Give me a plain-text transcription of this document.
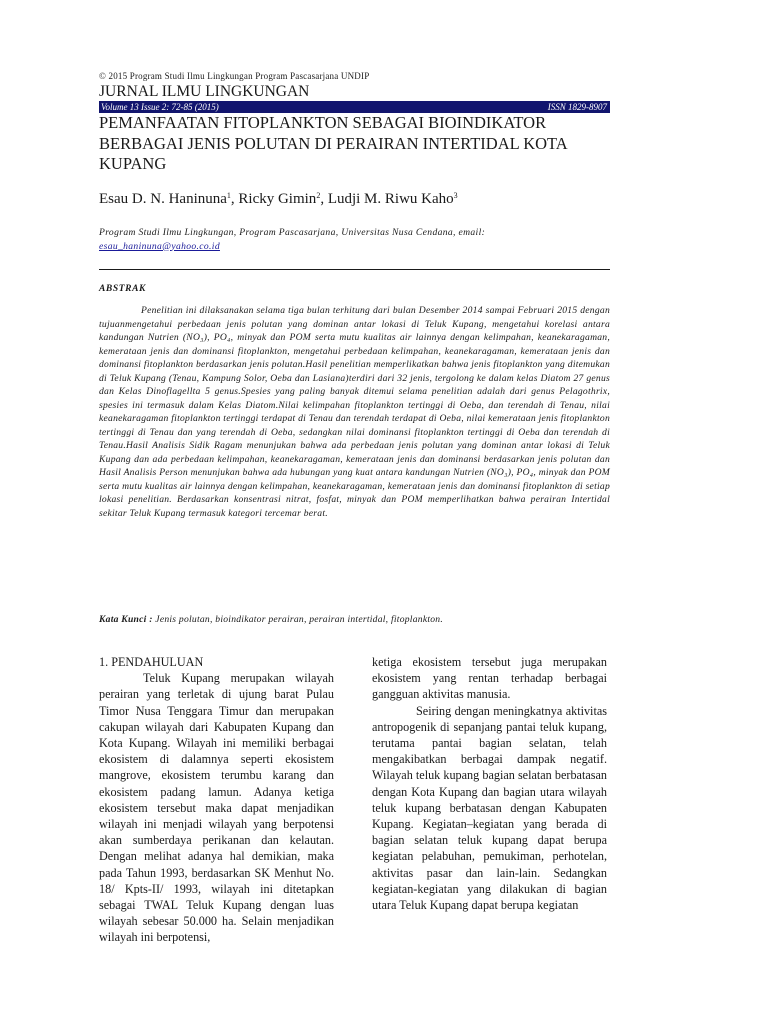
© 2015 Program Studi Ilmu Lingkungan Program Pascasarjana UNDIP
JURNAL ILMU LINGKUNGAN
Volume 13 Issue 2: 72-85 (2015)	ISSN 1829-8907
PEMANFAATAN FITOPLANKTON SEBAGAI BIOINDIKATOR BERBAGAI JENIS POLUTAN DI PERAIRAN INTERTIDAL KOTA KUPANG
Esau D. N. Haninuna$^1$, Ricky Gimin$^2$, Ludji M. Riwu Kaho$^3$
Program Studi Ilmu Lingkungan, Program Pascasarjana, Universitas Nusa Cendana, email:
esau_haninuna@yahoo.co.id
ABSTRAK

Penelitian ini dilaksanakan selama tiga bulan terhitung dari bulan Desember 2014 sampai Februari 2015 dengan tujuanmengetahui perbedaan jenis polutan yang dominan antar lokasi di Teluk Kupang, mengetahui korelasi antara kandungan Nutrien (NO₃), PO₄, minyak dan POM serta mutu kualitas air lainnya dengan kelimpahan, keanekaragaman, kemerataan jenis dan dominansi fitoplankton, mengetahui perbedaan kelimpahan, keanekaragaman, kemerataan jenis dan dominansi fitoplankton berdasarkan jenis polutan.Hasil penelitian memperlikatkan bahwa jenis fitoplankton yang ditemukan di Teluk Kupang (Tenau, Kampung Solor, Oeba dan Lasiana)terdiri dari 32 jenis, tergolong ke dalam kelas Diatom 27 genus dan Kelas Dinoflagellta 5 genus.Spesies yang paling banyak ditemui selama penelitian adalah dari genus Pelagothrix, spesies ini termasuk dalam Kelas Diatom.Nilai kelimpahan fitoplankton tertinggi di Oeba, dan terendah di Tenau, nilai keanekaragaman fitoplankton tertinggi terdapat di Tenau dan terendah terdapat di Oeba, nilai kemerataan jenis fitoplankton tertinggi di Tenau dan yang terendah di Oeba, sedangkan nilai dominansi fitoplankton tertinggi di Oeba dan terendah di Tenau.Hasil Analisis Sidik Ragam menunjukan bahwa ada perbedaan jenis polutan yang dominan antar lokasi di Teluk Kupang dan ada perbedaan kelimpahan, keanekaragaman, kemerataan jenis dan dominansi berdasarkan jenis polutan dan Hasil Analisis Person menunjukan bahwa ada hubungan yang kuat antara kandungan Nutrien (NO₃), PO₄, minyak dan POM serta mutu kualitas air lainnya dengan kelimpahan, keanekaragaman, kemerataan jenis dan dominansi fitoplankton di setiap lokasi penelitian. Berdasarkan konsentrasi nitrat, fosfat, minyak dan POM memperlihatkan bahwa perairan Intertidal sekitar Teluk Kupang termasuk kategori tercemar berat.

Kata Kunci : Jenis polutan, bioindikator perairan, perairan intertidal, fitoplankton.
1. PENDAHULUAN

Teluk Kupang merupakan wilayah perairan yang terletak di ujung barat Pulau Timor Nusa Tenggara Timur dan merupakan cakupan wilayah dari Kabupaten Kupang dan Kota Kupang. Wilayah ini memiliki berbagai ekosistem di dalamnya seperti ekosistem mangrove, ekosistem terumbu karang dan ekosistem padang lamun. Adanya ketiga ekosistem tersebut maka dapat menjadikan wilayah ini menjadi wilayah yang berpotensi akan sumberdaya perikanan dan kelautan. Dengan melihat adanya hal demikian, maka pada Tahun 1993, berdasarkan SK Menhut No. 18/ Kpts-II/ 1993, wilayah ini ditetapkan sebagai TWAL Teluk Kupang dengan luas wilayah sebesar 50.000 ha. Selain menjadikan wilayah ini berpotensi,

ketiga ekosistem tersebut juga merupakan ekosistem yang rentan terhadap berbagai gangguan aktivitas manusia.

Seiring dengan meningkatnya aktivitas antropogenik di sepanjang pantai teluk kupang, terutama pantai bagian selatan, telah mengakibatkan berbagai dampak negatif. Wilayah teluk kupang bagian selatan berbatasan dengan Kota Kupang dan bagian utara wilayah teluk kupang berbatasan dengan Kabupaten Kupang. Kegiatan–kegiatan yang berada di bagian selatan teluk kupang dapat berupa kegiatan pelabuhan, pemukiman, perhotelan, aktivitas pasar dan lain-lain. Sedangkan kegiatan-kegiatan yang dilakukan di bagian utara Teluk Kupang dapat berupa kegiatan
